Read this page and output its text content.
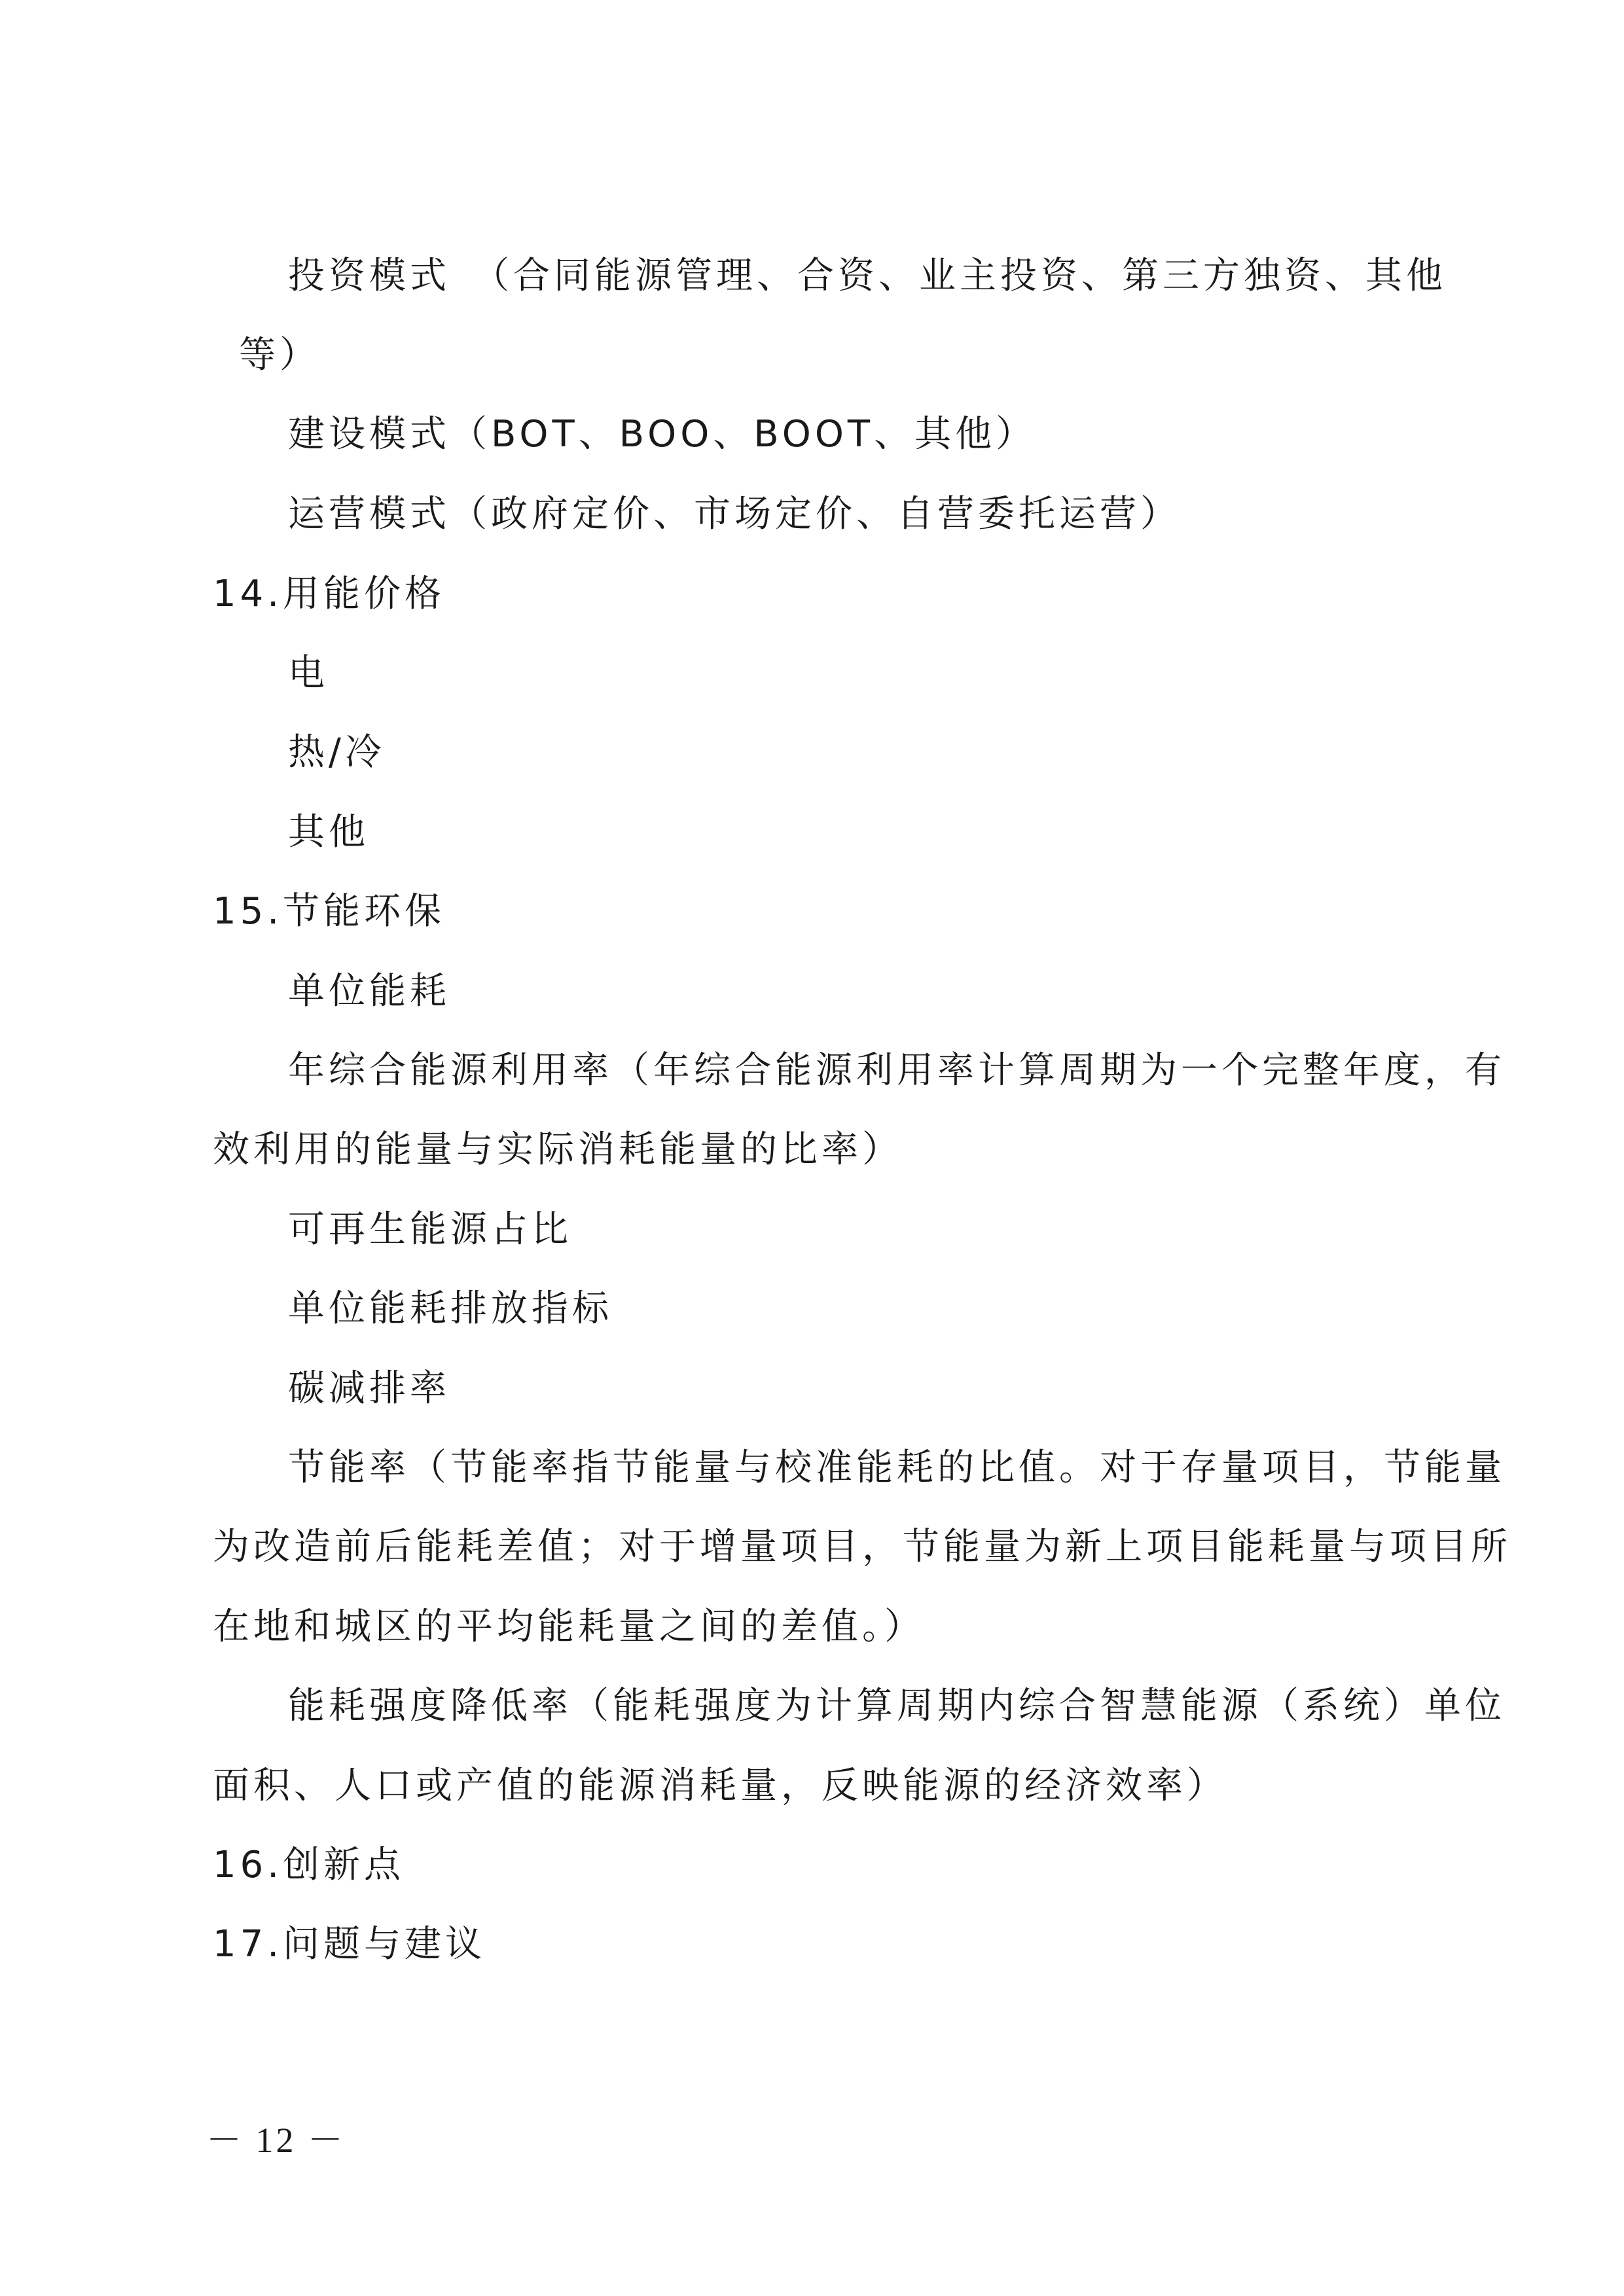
投资模式　（合同能源管理、合资、业主投资、第三方独资、其他
等）
建设模式（BOT、BOO、BOOT、其他）
运营模式（政府定价、市场定价、自营委托运营）
14.用能价格
电
热/冷
其他
15.节能环保
单位能耗
年综合能源利用率（年综合能源利用率计算周期为一个完整年度，有
效利用的能量与实际消耗能量的比率）
可再生能源占比
单位能耗排放指标
碳减排率
节能率（节能率指节能量与校准能耗的比值。对于存量项目，节能量
为改造前后能耗差值；对于增量项目，节能量为新上项目能耗量与项目所
在地和城区的平均能耗量之间的差值。）
能耗强度降低率（能耗强度为计算周期内综合智慧能源（系统）单位
面积、人口或产值的能源消耗量，反映能源的经济效率）
16.创新点
17.问题与建议
－ 12 －
